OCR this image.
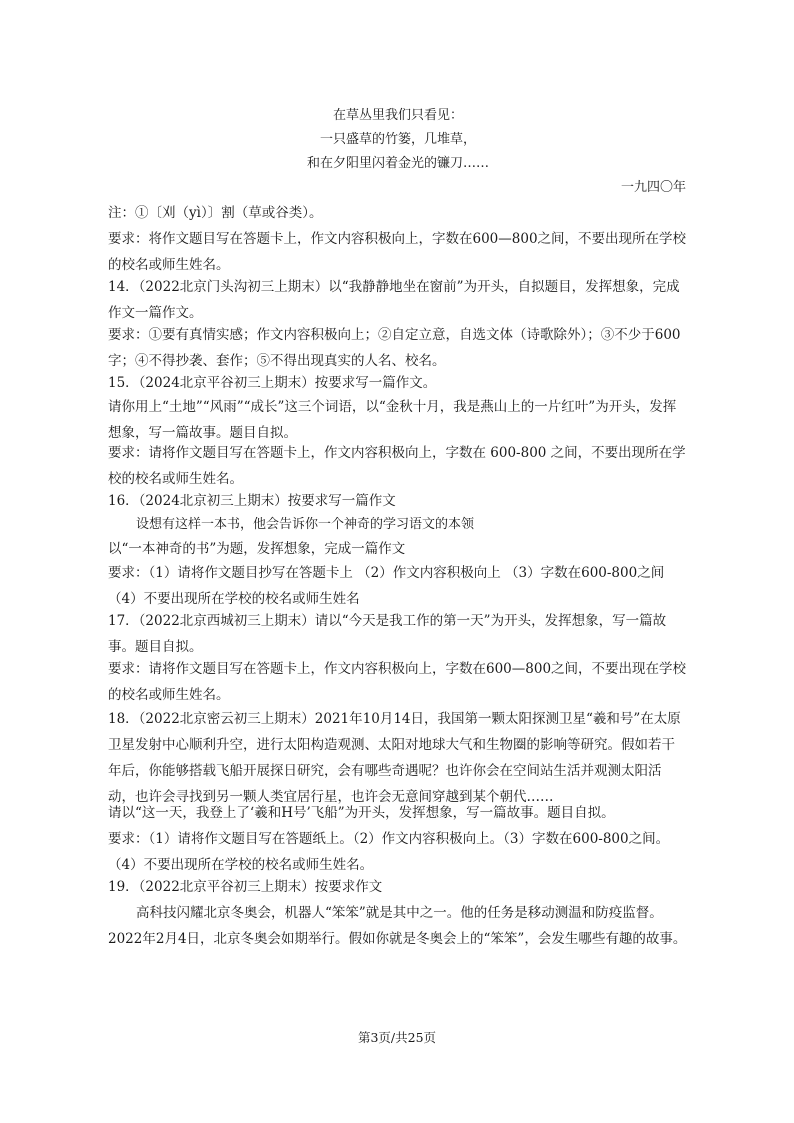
在草丛里我们只看见：
一只盛草的竹篓，几堆草，
和在夕阳里闪着金光的镰刀……
一九四〇年

注：①〔刈（yì）〕割（草或谷类）。

要求：将作文题目写在答题卡上，作文内容积极向上，字数在600—800之间，不要出现所在学校的校名或师生姓名。

14．（2022北京门头沟初三上期末）以“我静静地坐在窗前”为开头，自拟题目，发挥想象，完成作文一篇作文。

要求：①要有真情实感；作文内容积极向上；②自定立意，自选文体（诗歌除外）；③不少于600字；④不得抄袭、套作；⑤不得出现真实的人名、校名。

15．（2024北京平谷初三上期末）按要求写一篇作文。

请你用上“土地”“风雨”“成长”这三个词语，以“金秋十月，我是燕山上的一片红叶”为开头，发挥想象，写一篇故事。题目自拟。

要求：请将作文题目写在答题卡上，作文内容积极向上，字数在 600-800 之间，不要出现所在学校的校名或师生姓名。

16．（2024北京初三上期末）按要求写一篇作文

设想有这样一本书，他会告诉你一个神奇的学习语文的本领

以“一本神奇的书”为题，发挥想象，完成一篇作文

要求：（1）请将作文题目抄写在答题卡上 （2）作文内容积极向上 （3）字数在600-800之间 （4）不要出现所在学校的校名或师生姓名

17．（2022北京西城初三上期末）请以“今天是我工作的第一天”为开头，发挥想象，写一篇故事。题目自拟。

要求：请将作文题目写在答题卡上，作文内容积极向上，字数在600—800之间，不要出现在学校的校名或师生姓名。

18．（2022北京密云初三上期末）2021年10月14日，我国第一颗太阳探测卫星“羲和号”在太原卫星发射中心顺利升空，进行太阳构造观测、太阳对地球大气和生物圈的影响等研究。假如若干年后，你能够搭载飞船开展探日研究，会有哪些奇遇呢？也许你会在空间站生活并观测太阳活动，也许会寻找到另一颗人类宜居行星，也许会无意间穿越到某个朝代……

请以“这一天，我登上了‘羲和H号’飞船”为开头，发挥想象，写一篇故事。题目自拟。

要求：（1）请将作文题目写在答题纸上。（2）作文内容积极向上。（3）字数在600-800之间。（4）不要出现所在学校的校名或师生姓名。

19．（2022北京平谷初三上期末）按要求作文

高科技闪耀北京冬奥会，机器人“笨笨”就是其中之一。他的任务是移动测温和防疫监督。2022年2月4日，北京冬奥会如期举行。假如你就是冬奥会上的“笨笨”，会发生哪些有趣的故事。

第3页/共25页
